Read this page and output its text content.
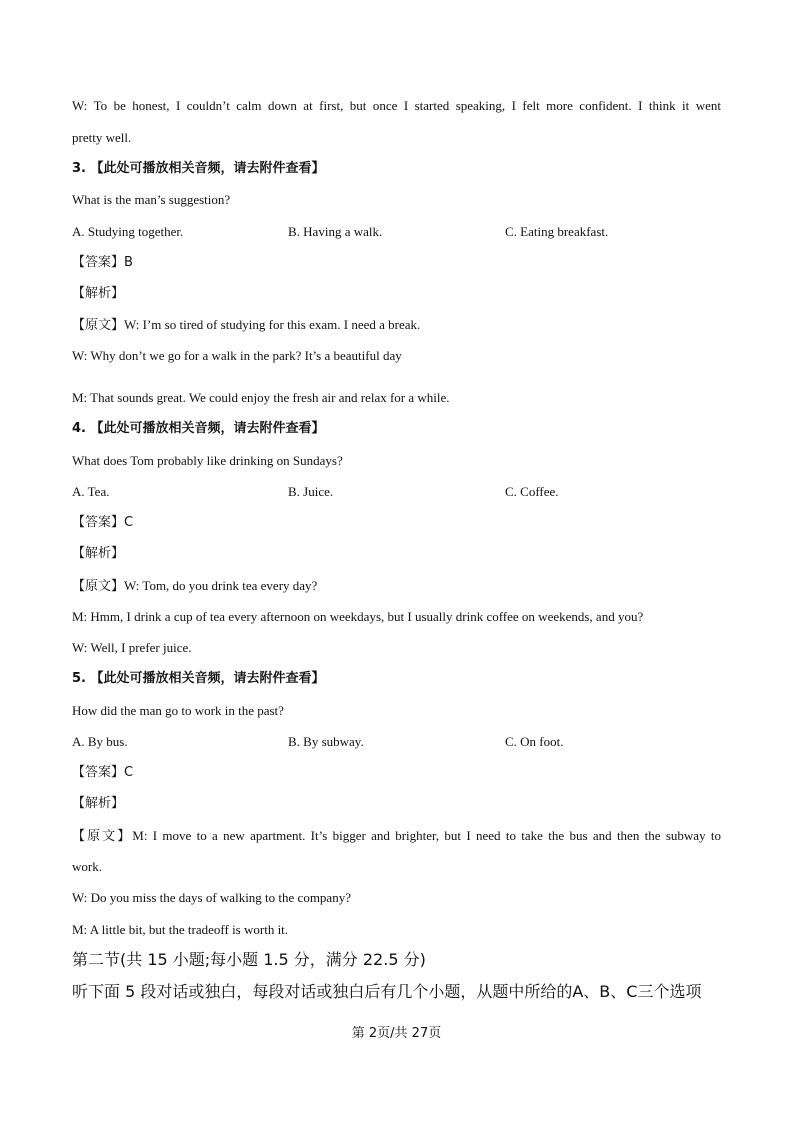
W: To be honest, I couldn’t calm down at first, but once I started speaking, I felt more confident. I think it went
pretty well.
3. 【此处可播放相关音频，请去附件查看】
What is the man’s suggestion?
A. Studying together.	B. Having a walk.	C. Eating breakfast.
【答案】B
【解析】
【原文】W: I’m so tired of studying for this exam. I need a break.
W: Why don’t we go for a walk in the park? It’s a beautiful day
M: That sounds great. We could enjoy the fresh air and relax for a while.
4. 【此处可播放相关音频，请去附件查看】
What does Tom probably like drinking on Sundays?
A. Tea.	B. Juice.	C. Coffee.
【答案】C
【解析】
【原文】W: Tom, do you drink tea every day?
M: Hmm, I drink a cup of tea every afternoon on weekdays, but I usually drink coffee on weekends, and you?
W: Well, I prefer juice.
5. 【此处可播放相关音频，请去附件查看】
How did the man go to work in the past?
A. By bus.	B. By subway.	C. On foot.
【答案】C
【解析】
【原文】M: I move to a new apartment. It’s bigger and brighter, but I need to take the bus and then the subway to
work.
W: Do you miss the days of walking to the company?
M: A little bit, but the tradeoff is worth it.
第二节(共 15 小题;每小题 1.5 分，满分 22.5 分)
听下面 5 段对话或独白，每段对话或独白后有几个小题，从题中所给的A、B、C三个选项
第 2页/共 27页
